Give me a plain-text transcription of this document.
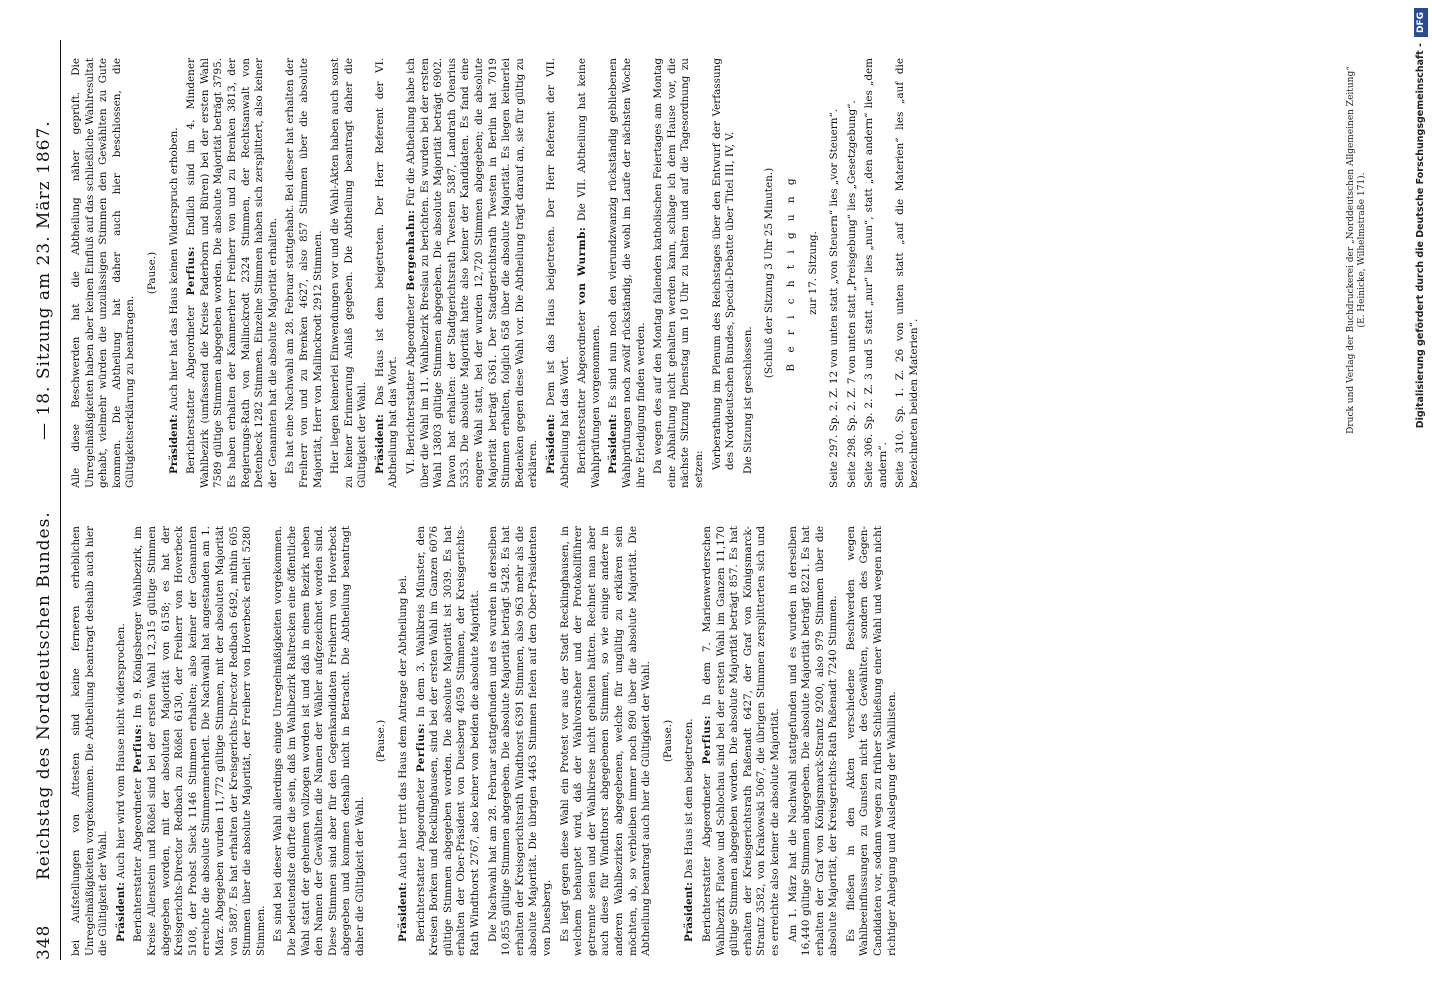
348
Reichstag des Norddeutschen Bundes.
— 18. Sitzung am 23. März 1867.

bei Aufstellungen von Attesten sind keine ferneren erheblichen Unregelmäßigkeiten vorgekommen. Die Abtheilung beantragt deshalb auch hier die Gültigkeit der Wahl. Präsident: Auch hier wird vom Hause nicht widersprochen. Berichterstatter Abgeordneter Perfius: Im 9. Königsberger Wahlbezirk, im Kreise Allenstein und Rößel sind bei der ersten Wahl 12,315 gültige Stimmen abgegeben worden, mit der absoluten Majorität von 6158; es hat der Kreisgerichts-Director Redbach zu Rößel 6130, der Freiherr von Hoverbeck 5108, der Probst Sieck 1146 Stimmen erhalten; also keiner der Genannten erreichte die absolute Stimmenmehrheit. Die Nachwahl hat angestanden am 1. März. Abgegeben wurden 11,772 gültige Stimmen, mit der absoluten Majorität von 5887. Es hat erhalten der Kreisgerichts-Director Redbach 6492, mithin 605 Stimmen über die absolute Majorität, der Freiherr von Hoverbeck erhielt 5280 Stimmen. Es sind bei dieser Wahl allerdings einige Unregelmäßigkeiten vorgekommen. Die bedeutendste dürfte die sein, daß im Wahlbezirk Raltrecken eine öffentliche Wahl statt der geheimen vollzogen worden ist und daß in einem Bezirk neben den Namen der Gewählten die Namen der Wähler aufgezeichnet worden sind. Diese Stimmen sind aber für den Gegenkandidaten Freiherrn von Hoverbeck abgegeben und kommen deshalb nicht in Betracht. Die Abtheilung beantragt daher die Gültigkeit der Wahl.

(Pause.)

Präsident: Auch hier tritt das Haus dem Antrage der Abtheilung bei. Berichterstatter Abgeordneter Perfius: In dem 3. Wahlkreis Münster, den Kreisen Borken und Recklinghausen, sind bei der ersten Wahl im Ganzen 6076 gültige Stimmen abgegeben worden. Die absolute Majorität ist 3039. Es hat erhalten der Ober-Präsident von Duesberg 4059 Stimmen, der Kreisgerichts-Rath Windthorst 2767, also keiner von beiden die absolute Majorität. Die Nachwahl hat am 28. Februar stattgefunden und es wurden in derselben 10,855 gültige Stimmen abgegeben. Die absolute Majorität beträgt 5428. Es hat erhalten der Kreisgerichtsrath Windthorst 6391 Stimmen, also 963 mehr als die absolute Majorität. Die übrigen 4463 Stimmen fielen auf den Ober-Präsidenten von Duesberg. Es liegt gegen diese Wahl ein Protest vor aus der Stadt Recklinghausen, in welchem behauptet wird, daß der Wahlvorsteher und der Protokollführer getrennte seien und der Wahlkreise nicht gehalten hätten. Rechnet man aber auch diese für Windthorst abgegebenen Stimmen, so wie einige andere in anderen Wahlbezirken abgegebenen, welche für ungültig zu erklären sein möchten, ab, so verbleiben immer noch 890 über die absolute Majorität. Die Abtheilung beantragt auch hier die Gültigkeit der Wahl. (Pause.)

Präsident: Das Haus ist dem beigetreten. Berichterstatter Abgeordneter Perfius: In dem 7. Marienwerderschen Wahlbezirk Flatow und Schlochau sind bei der ersten Wahl im Ganzen 11,170 gültige Stimmen abgegeben worden. Die absolute Majorität beträgt 857. Es hat erhalten der Kreisgerichtsrath Paßenadt 6427, der Graf von Königsmarck-Strantz 3582, von Krakowski 5067, die übrigen Stimmen zersplitterten sich und es erreichte also keiner die absolute Majorität. Am 1. März hat die Nachwahl stattgefunden und es wurden in derselben 16,440 gültige Stimmen abgegeben. Die absolute Majorität beträgt 8221. Es hat erhalten der Graf von Königsmarck-Strantz 9200, also 979 Stimmen über die absolute Majorität, der Kreisgerichts-Rath Paßenadt 7240 Stimmen. Es fließen in den Akten verschiedene Beschwerden wegen Wahlbeeinflussungen zu Gunsten nicht des Gewählten, sondern des Gegen-Candidaten vor, sodann wegen zu früher Schließung einer Wahl und wegen nicht richtiger Anlegung und Auslegung der Wahllisten.

Alle diese Beschwerden hat die Abtheilung näher geprüft. Die Unregelmäßigkeiten haben aber keinen Einfluß auf das schließliche Wahlresultat gehabt, vielmehr würden die unzulässigen Stimmen den Gewählten zu Gute kommen. Die Abtheilung hat daher auch hier beschlossen, die Gültigkeitserklärung zu beantragen.

(Pause.)

Präsident: Auch hier hat das Haus keinen Widerspruch erhoben. Berichterstatter Abgeordneter Perfius: Endlich sind im 4. Mindener Wahlbezirk (umfassend die Kreise Paderborn und Büren) bei der ersten Wahl 7589 gültige Stimmen abgegeben worden. Die absolute Majorität beträgt 3795. Es haben erhalten der Kammerherr Freiherr von und zu Brenken 3813, der Regierungs-Rath von Mallinckrodt 2324 Stimmen, der Rechtsanwalt von Detenbeck 1282 Stimmen. Einzelne Stimmen haben sich zersplittert, also keiner der Genannten hat die absolute Majorität erhalten. Es hat eine Nachwahl am 28. Februar stattgehabt. Bei dieser hat erhalten der Freiherr von und zu Brenken 4627, also 857 Stimmen über die absolute Majorität, Herr von Mallinckrodt 2912 Stimmen. Hier liegen keinerlei Einwendungen vor und die Wahl-Akten haben auch sonst zu keiner Erinnerung Anlaß gegeben. Die Abtheilung beantragt daher die Gültigkeit der Wahl. Präsident: Das Haus ist dem beigetreten. Der Herr Referent der VI. Abtheilung hat das Wort. VI. Berichterstatter Abgeordneter Bergenhahn: Für die Abtheilung habe ich über die Wahl im 11. Wahlbezirk Breslau zu berichten. Es wurden bei der ersten Wahl 13803 gültige Stimmen abgegeben. Die absolute Majorität beträgt 6902. Davon hat erhalten: der Stadtgerichtsrath Twesten 5387, Landrath Olearius 5353. Die absolute Majorität hatte also keiner der Kandidaten. Es fand eine engere Wahl statt, bei der wurden 12,720 Stimmen abgegeben; die absolute Majorität beträgt 6361. Der Stadtgerichtsrath Twesten in Berlin hat 7019 Stimmen erhalten, folglich 658 über die absolute Majorität. Es liegen keinerlei Bedenken gegen diese Wahl vor. Die Abtheilung trägt darauf an, sie für gültig zu erklären. Präsident: Dem ist das Haus beigetreten. Der Herr Referent der VII. Abtheilung hat das Wort. Berichterstatter Abgeordneter von Wurmb: Die VII. Abtheilung hat keine Wahlprüfungen vorgenommen. Präsident: Es sind nun noch den vierundzwanzig rückständig gebliebenen Wahlprüfungen noch zwölf rückständig, die wohl im Laufe der nächsten Woche ihre Erledigung finden werden. Da wegen des auf den Montag fallenden katholischen Feiertages am Montag eine Abhaltung nicht gehalten werden kann, schlage ich dem Hause vor, die nächste Sitzung Dienstag um 10 Uhr zu halten und auf die Tagesordnung zu setzen: Vorberathung im Plenum des Reichstages über den Entwurf der Verfassung des Norddeutschen Bundes, Special-Debatte über Titel III, IV, V. Die Sitzung ist geschlossen.

(Schluß der Sitzung 3 Uhr 25 Minuten.) B e r i c h t i g u n g zur 17. Sitzung. Seite 297. Sp. 2. Z. 12 von unten statt „von Steuern“ lies „vor Steuern“. Seite 298. Sp. 2. Z. 7 von unten statt „Preisgebung“ lies „Gesetzgebung“. Seite 306. Sp. 2. Z. 3 und 5 statt „nur“ lies „nun“, statt „den andern“ lies „dem andern“. Seite 310. Sp. 1. Z. 26 von unten statt „auf die Materien“ lies „auf die bezeichneten beiden Materien“.	Druck und Verlag der Buchdruckerei der „Norddeutschen Allgemeinen Zeitung“ (E. Heinicke, Wilhelmstraße 171).	Digitalisierung gefördert durch die Deutsche Forschungsgemeinschaft -DFG
